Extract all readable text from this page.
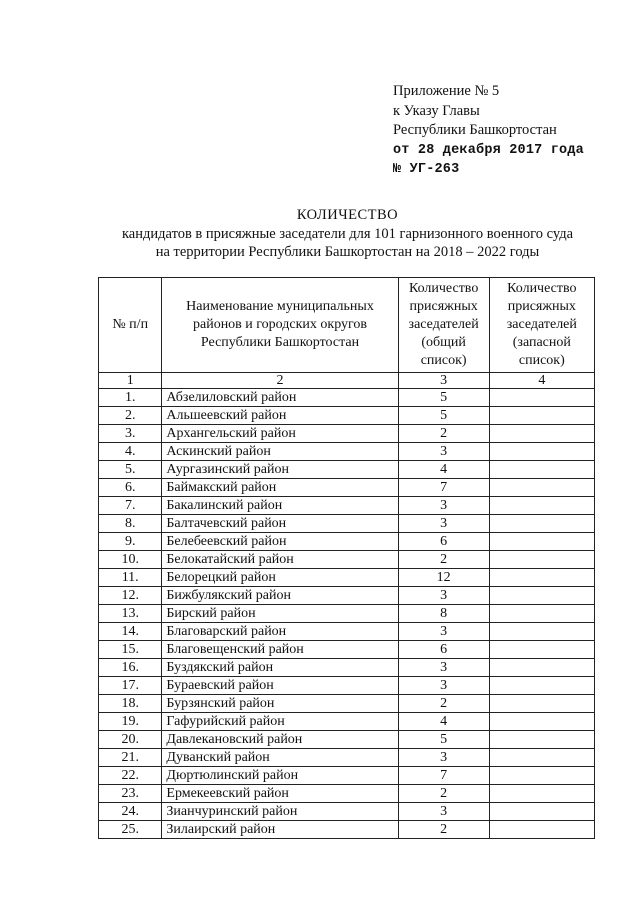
Приложение № 5
к Указу Главы
Республики Башкортостан
от 28 декабря 2017 года
№ УГ-263
КОЛИЧЕСТВО
кандидатов в присяжные заседатели для 101 гарнизонного военного суда
на территории Республики Башкортостан на 2018 – 2022 годы
№ п/п	Наименование муниципальных районов и городских округов Республики Башкортостан	Количество присяжных заседателей (общий список)	Количество присяжных заседателей (запасной список)
1	2	3	4
1.	Абзелиловский район	5	
2.	Альшеевский район	5	
3.	Архангельский район	2	
4.	Аскинский район	3	
5.	Аургазинский район	4	
6.	Баймакский район	7	
7.	Бакалинский район	3	
8.	Балтачевский район	3	
9.	Белебеевский район	6	
10.	Белокатайский район	2	
11.	Белорецкий район	12	
12.	Бижбулякский район	3	
13.	Бирский район	8	
14.	Благоварский район	3	
15.	Благовещенский район	6	
16.	Буздякский район	3	
17.	Бураевский район	3	
18.	Бурзянский район	2	
19.	Гафурийский район	4	
20.	Давлекановский район	5	
21.	Дуванский район	3	
22.	Дюртюлинский район	7	
23.	Ермекеевский район	2	
24.	Зианчуринский район	3	
25.	Зилаирский район	2	
